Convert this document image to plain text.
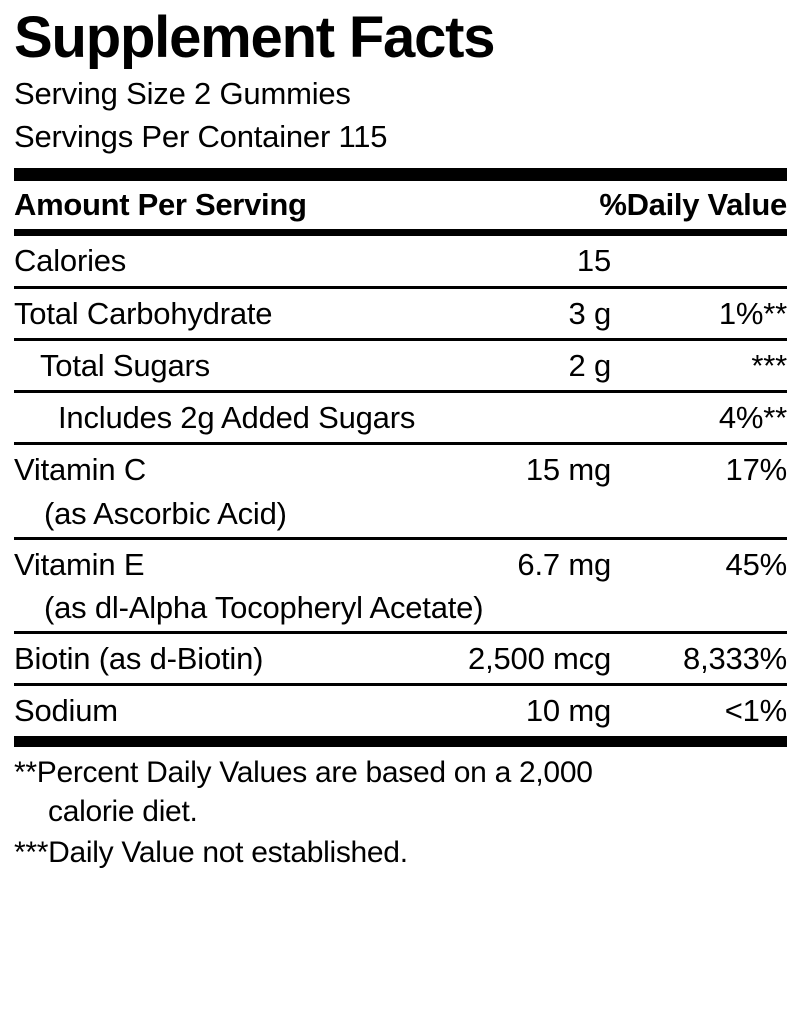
Supplement Facts
Serving Size 2 Gummies
Servings Per Container 115
Amount Per Serving	%Daily Value
Calories	15
Total Carbohydrate	3 g	1%**
Total Sugars	2 g	***
Includes 2g Added Sugars	4%**
Vitamin C	15 mg	17%
(as Ascorbic Acid)
Vitamin E	6.7 mg	45%
(as dl-Alpha Tocopheryl Acetate)
Biotin (as d-Biotin)	2,500 mcg	8,333%
Sodium	10 mg	<1%
**Percent Daily Values are based on a 2,000
calorie diet.
***Daily Value not established.
